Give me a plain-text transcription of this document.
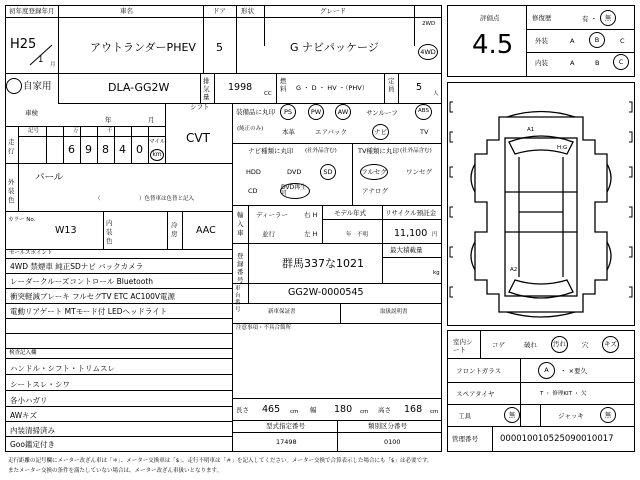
初年度登録年月	車名	ドア 形状	グレード
2WD
4WD
H25
1 月
アウトランダーPHEV 5	G ナビパッケージ
自家用	DLA-GG2W	排気量
1998
CC
燃料	G ・ D ・ HV ・（PHV）
定員	5
人
車検
年	月
シフト
CVT
走行
記号	万	千
6 9 8 4 0
マイル
km
外装色
パール
（　　　　　　　）色替車は色替と記入
カラー No.
W13
内装色
冷房 AAC
セールスポイント
4WD 禁煙車 純正SDナビ バックカメラ
レーダークルーズコントロール Bluetooth
衝突軽減ブレーキ フルセグTV ETC AC100V電源
電動リアゲート MTモード付 LEDヘッドライト
検査記入欄
ハンドル・シフト・トリムスレ
シートスレ・シワ
各小ハガリ
AWキズ
内装清掃済み
Goo鑑定付き
装備品に丸印
(純正のみ)
PS	PW	AW	サンルーフ	ABS
本革	エアバック	ナビ	TV
ナビ種類に丸印 (社外品含む)	TV種類に丸印 (社外品含む)
HDD	DVD	SD
CD	DVD再生可
フルセグ	ワンセグ
アナログ
輸入車
ディーラー 右 H
並行	左 H
モデル年式
年　不明
リサイクル預託金
11,100 円
登録番号
群馬337な1021
最大積載量
kg
車台番号
GG2W-0000545
新車保証書	取扱説明書
注意事項・不具合箇所
長さ 465 cm 幅 180 cm 高さ 168 cm
型式指定番号
17498
類別区分番号
0100
評価点
4.5
修復歴	有 ・	無
外装	A	B	C
内装	A	B	C
A1
H:G
A2
室内シート
コゲ	破れ	汚れ	穴	キズ
フロントガラス	A	・ ×要久
スペアタイヤ	T ・ 修理KIT ・ 欠
工具	無	ジャッキ	無
管理番号	000010010525090010017
走行距離の記号欄にメーター改ざん車は「＊」、メーター交換車は「$」、走行不明車は「＃」を記入してください。メーター交換で合算表示した場合にも「$」は必要です。
またメーター交換の条件を満たしていない場合は、メーター改ざん車扱いとなります。
